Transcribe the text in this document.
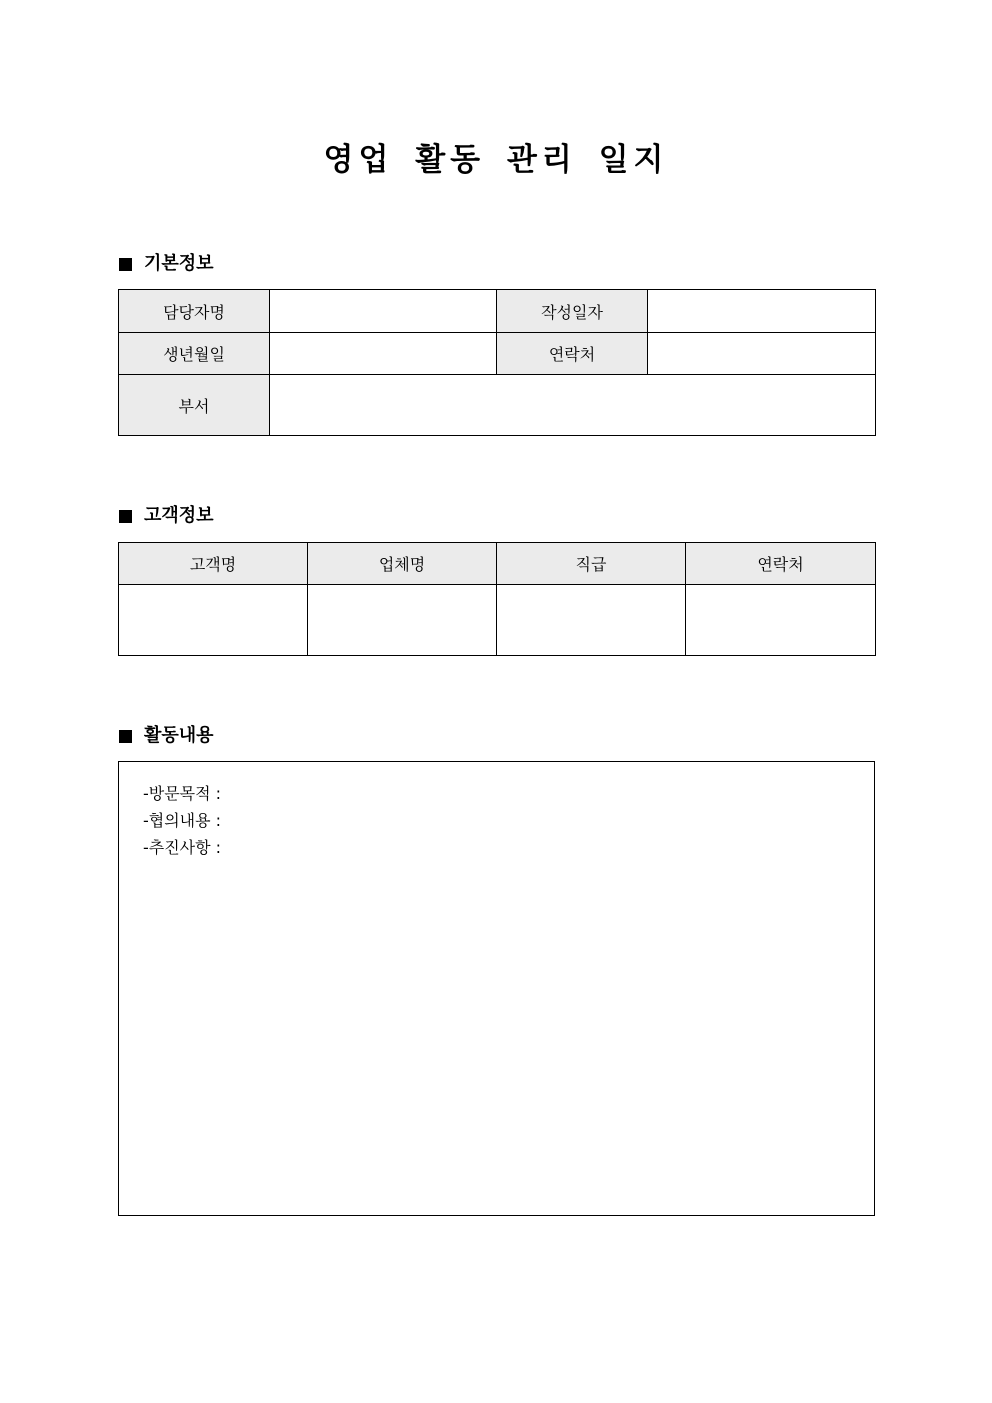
영업 활동 관리 일지
기본정보
담당자명		작성일자	
생년월일		연락처	
부서			
고객정보
고객명	업체명	직급	연락처

활동내용
-방문목적 :
-협의내용 :
-추진사항 :
